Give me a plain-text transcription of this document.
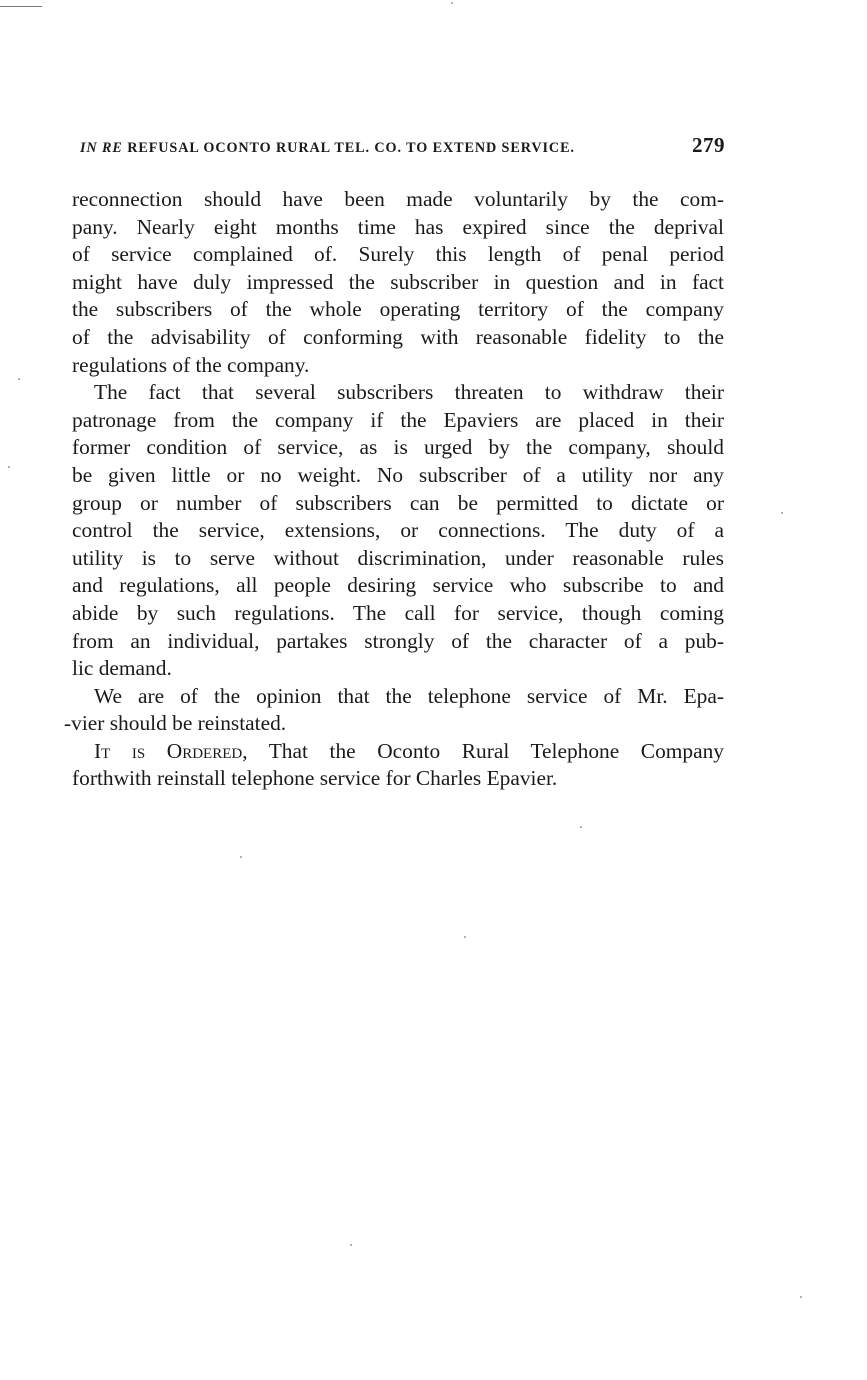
IN RE REFUSAL OCONTO RURAL TEL. CO. TO EXTEND SERVICE.	279
reconnection should have been made voluntarily by the com-
pany. Nearly eight months time has expired since the deprival
of service complained of. Surely this length of penal period
might have duly impressed the subscriber in question and in fact
the subscribers of the whole operating territory of the company
of the advisability of conforming with reasonable fidelity to the
regulations of the company.
The fact that several subscribers threaten to withdraw their
patronage from the company if the Epaviers are placed in their
former condition of service, as is urged by the company, should
be given little or no weight. No subscriber of a utility nor any
group or number of subscribers can be permitted to dictate or
control the service, extensions, or connections. The duty of a
utility is to serve without discrimination, under reasonable rules
and regulations, all people desiring service who subscribe to and
abide by such regulations. The call for service, though coming
from an individual, partakes strongly of the character of a pub-
lic demand.
We are of the opinion that the telephone service of Mr. Epa-
-vier should be reinstated.
It is Ordered, That the Oconto Rural Telephone Company
forthwith reinstall telephone service for Charles Epavier.
